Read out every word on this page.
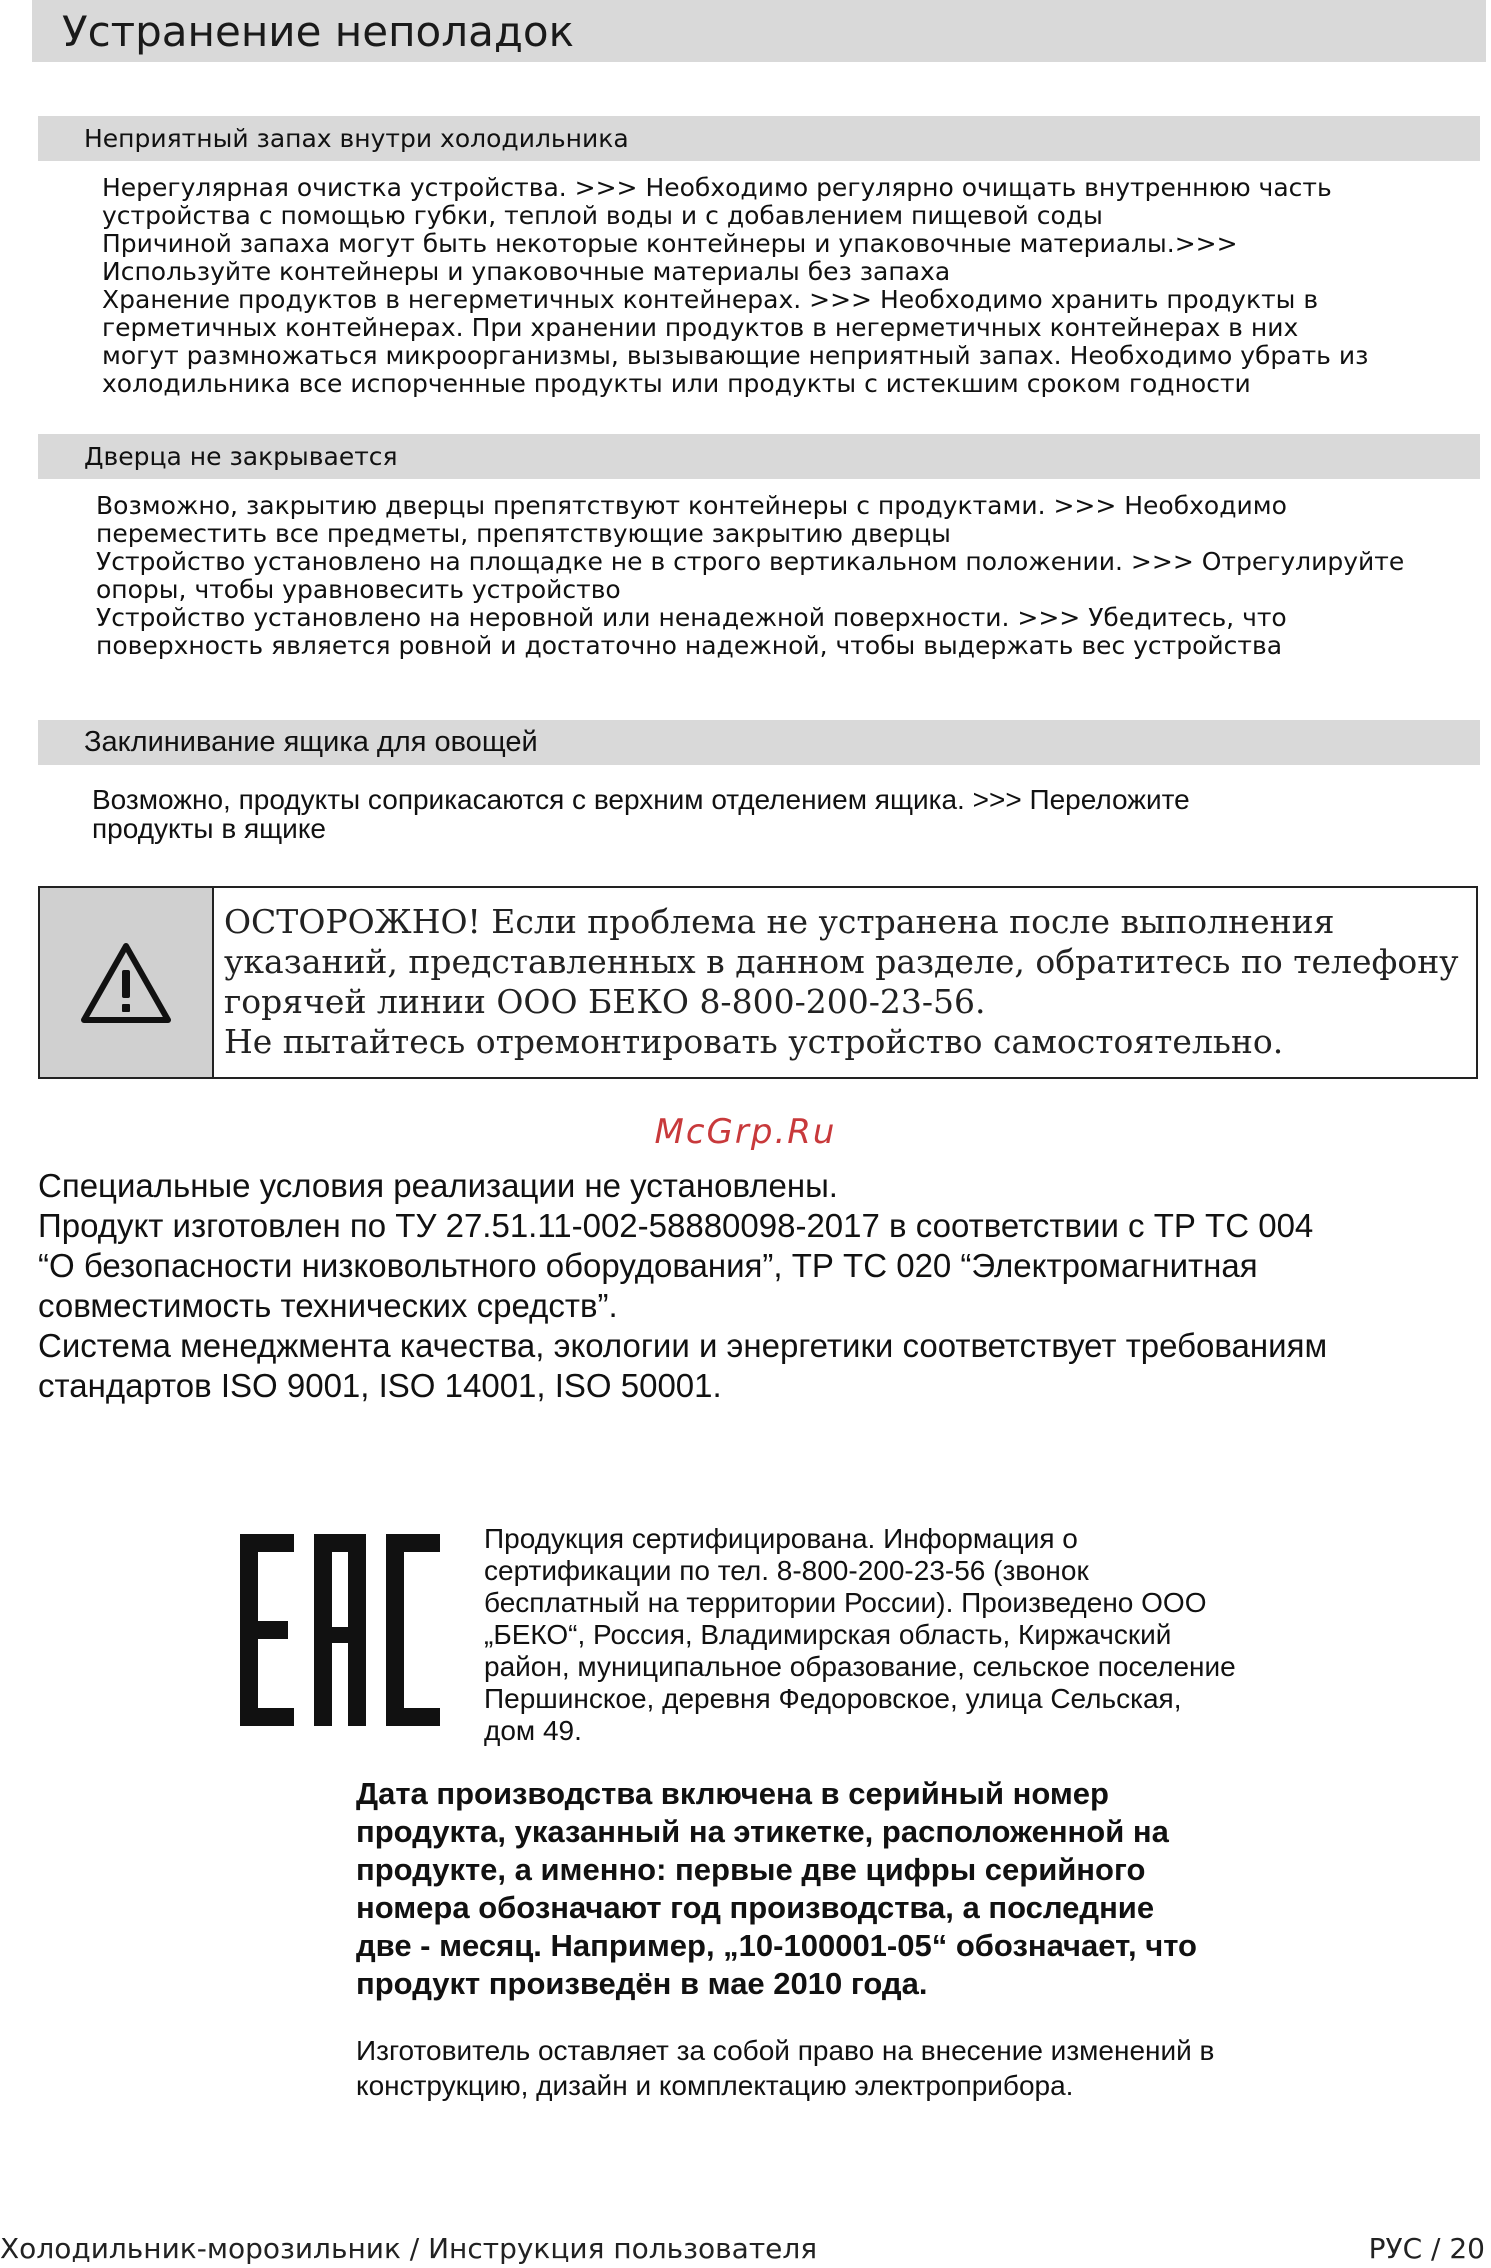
Устранение неполадок
Неприятный запах внутри холодильника

Нерегулярная очистка устройства. >>> Необходимо регулярно очищать внутреннюю часть

устройства с помощью губки, теплой воды и с добавлением пищевой соды

Причиной запаха могут быть некоторые контейнеры и упаковочные материалы.>>>

Используйте контейнеры и упаковочные материалы без запаха

Хранение продуктов в негерметичных контейнерах. >>> Необходимо хранить продукты в

герметичных контейнерах. При хранении продуктов в негерметичных контейнерах в них

могут размножаться микроорганизмы, вызывающие неприятный запах. Необходимо убрать из

холодильника все испорченные продукты или продукты с истекшим сроком годности

Дверца не закрывается

Возможно, закрытию дверцы препятствуют контейнеры с продуктами. >>> Необходимо

переместить все предметы, препятствующие закрытию дверцы

Устройство установлено на площадке не в строго вертикальном положении. >>> Отрегулируйте

опоры, чтобы уравновесить устройство

Устройство установлено на неровной или ненадежной поверхности. >>> Убедитесь, что

поверхность является ровной и достаточно надежной, чтобы выдержать вес устройства

Заклинивание ящика для овощей

Возможно, продукты соприкасаются с верхним отделением ящика. >>> Переложите

продукты в ящике

ОСТОРОЖНО! Если проблема не устранена после выполнения

указаний, представленных в данном разделе, обратитесь по телефону

горячей линии ООО БЕКО 8-800-200-23-56.

Не пытайтесь отремонтировать устройство самостоятельно.

McGrp.Ru

Специальные условия реализации не установлены.

Продукт изготовлен по ТУ 27.51.11-002-58880098-2017 в соответствии с ТР ТС 004

“О безопасности низковольтного оборудования”, ТР ТС 020 “Электромагнитная

совместимость технических средств”.

Система менеджмента качества, экологии и энергетики соответствует требованиям

стандартов ISO 9001, ISO 14001, ISO 50001.

Продукция сертифицирована. Информация о
сертификации по тел. 8-800-200-23-56 (звонок
бесплатный на территории России). Произведено ООО
„БЕКО“, Россия, Владимирская область, Киржачский
район, муниципальное образование, сельское поселение
Першинское, деревня Федоровское, улица Сельская,
дом 49.
Дата производства включена в серийный номер
продукта, указанный на этикетке, расположенной на
продукте, а именно: первые две цифры серийного
номера обозначают год производства, а последние
две - месяц. Например, „10-100001-05“ обозначает, что
продукт произведён в мае 2010 года.
Изготовитель оставляет за собой право на внесение изменений в
конструкцию, дизайн и комплектацию электроприбора.
Холодильник-морозильник / Инструкция пользователя	РУС / 20
